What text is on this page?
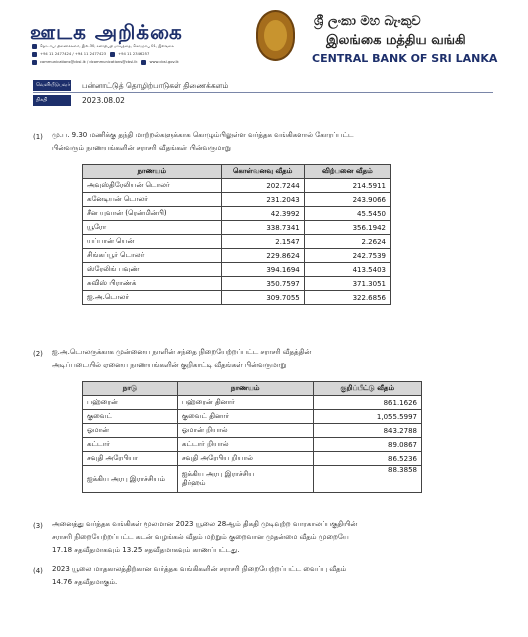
ஊடக அறிக்கை
தொடர்பு: திணைக்களம், இல.30, சனாதிபதி மாவத்தை, கொழும்பு 01, இலங்கை
+94 11 2477424 / +94 11 2477423	+94 11 2346257
communications@cbsl.lk / dcommunications@cbsl.lk	www.cbsl.gov.lk
ශ්‍රී ලංකා මහ බැංකුව
இலங்கை மத்திய வங்கி
CENTRAL BANK OF SRI LANKA
வெளியீடுபவர் பன்னாட்டுத் தொழிற்பாடுகள் திணைக்களம்
திகதி	2023.08.02
(1) மு.ப. 9.30 மணிக்கு தந்தி மாற்றல்களுக்காக கொழும்பிலுள்ள வர்த்தக வங்கிகளால் கோரப்பட்ட
பின்வரும் நாணயங்களின் சராசரி வீதங்கள் பின்வருமாறு
நாணயம்	கொள்வனவு வீதம்	விற்பனை வீதம்
அவுஸ்திரேலியன் டொலர்	202.7244	214.5911
கனேடியன் டொலர்	231.2043	243.9066
சீன யுவான் (ரென்மின்பி)	42.3992	45.5450
யூரோ	338.7341	356.1942
யப்பான் யென்	2.1547	2.2624
சிங்கப்பூர் டொலர்	229.8624	242.7539
ஸ்ரேலிங் பவுண்	394.1694	413.5403
சுவிஸ் பிராண்க்	350.7597	371.3051
ஐ.அ.டொலர்	309.7055	322.6856
(2) ஐ.அ.டொலருக்காக முன்னைய நாளின் சந்தை நிறையேற்றப்பட்ட சராசரி வீதத்தின்
அடிப்படையில் ஏனைய நாணயங்களின் குறிகாட்டி வீதங்கள் பின்வருமாறு
நாடு	நாணயம்	குறிப்பீட்டு வீதம்
பஹ்ரைன்	பஹ்ரைன் தினார்	861.1626
குவைட்	குவைட் தினார்	1,055.5997
ஓமான்	ஓமான் றியால்	843.2788
கட்டார்	கட்டார் றியால்	89.0867
சவுதி அரேபியா	சவுதி அரேபிய றியால்	86.5236
ஐக்கிய அரபு இராச்சியம்	ஐக்கிய அரபு இராச்சிய
திர்ஹம்	88.3858
(3) அனைத்து வர்த்தக வங்கிகள் மூலமான 2023 யூலை 28ஆம் திகதி முடிவுற்ற வாரகாலப்பகுதியின்
சராசரி நிறையேற்றப்பட்ட கடன் வழங்கல் வீதம் மற்றும் குறைவான முதன்மை வீதம் முறையே
17.18 சதவீதமாகவும் 13.25 சதவீதமாகவும் காணப்பட்டது.
(4) 2023 யூலை மாதகாலத்திற்கான வர்த்தக வங்கிகளின் சராசரி நிறையேற்றப்பட்ட வைப்பு வீதம்
14.76 சதவீதமாகும்.
